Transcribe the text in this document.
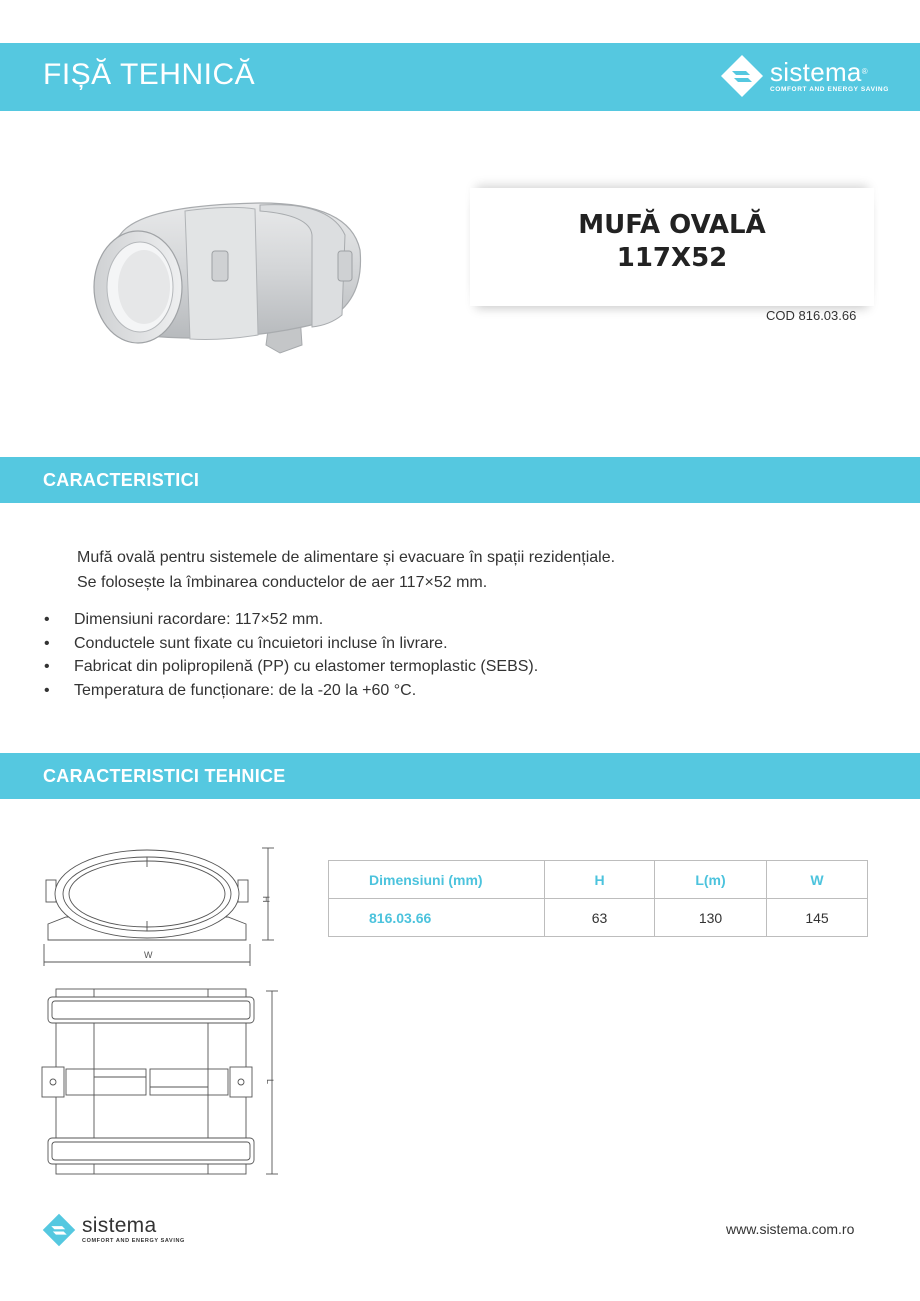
FIȘĂ TEHNICĂ	sistema®
COMFORT AND ENERGY SAVING
MUFĂ OVALĂ
117X52
COD 816.03.66
CARACTERISTICI
Mufă ovală pentru sistemele de alimentare și evacuare în spații rezidențiale.
Se folosește la îmbinarea conductelor de aer 117×52 mm.
• Dimensiuni racordare: 117×52 mm.
• Conductele sunt fixate cu încuietori incluse în livrare.
• Fabricat din polipropilenă (PP) cu elastomer termoplastic (SEBS).
• Temperatura de funcționare: de la -20 la +60 °C.
CARACTERISTICI TEHNICE
H
W
L
Dimensiuni (mm)	H	L(m)	W
816.03.66	63	130	145
sistema
COMFORT AND ENERGY SAVING
www.sistema.com.ro
